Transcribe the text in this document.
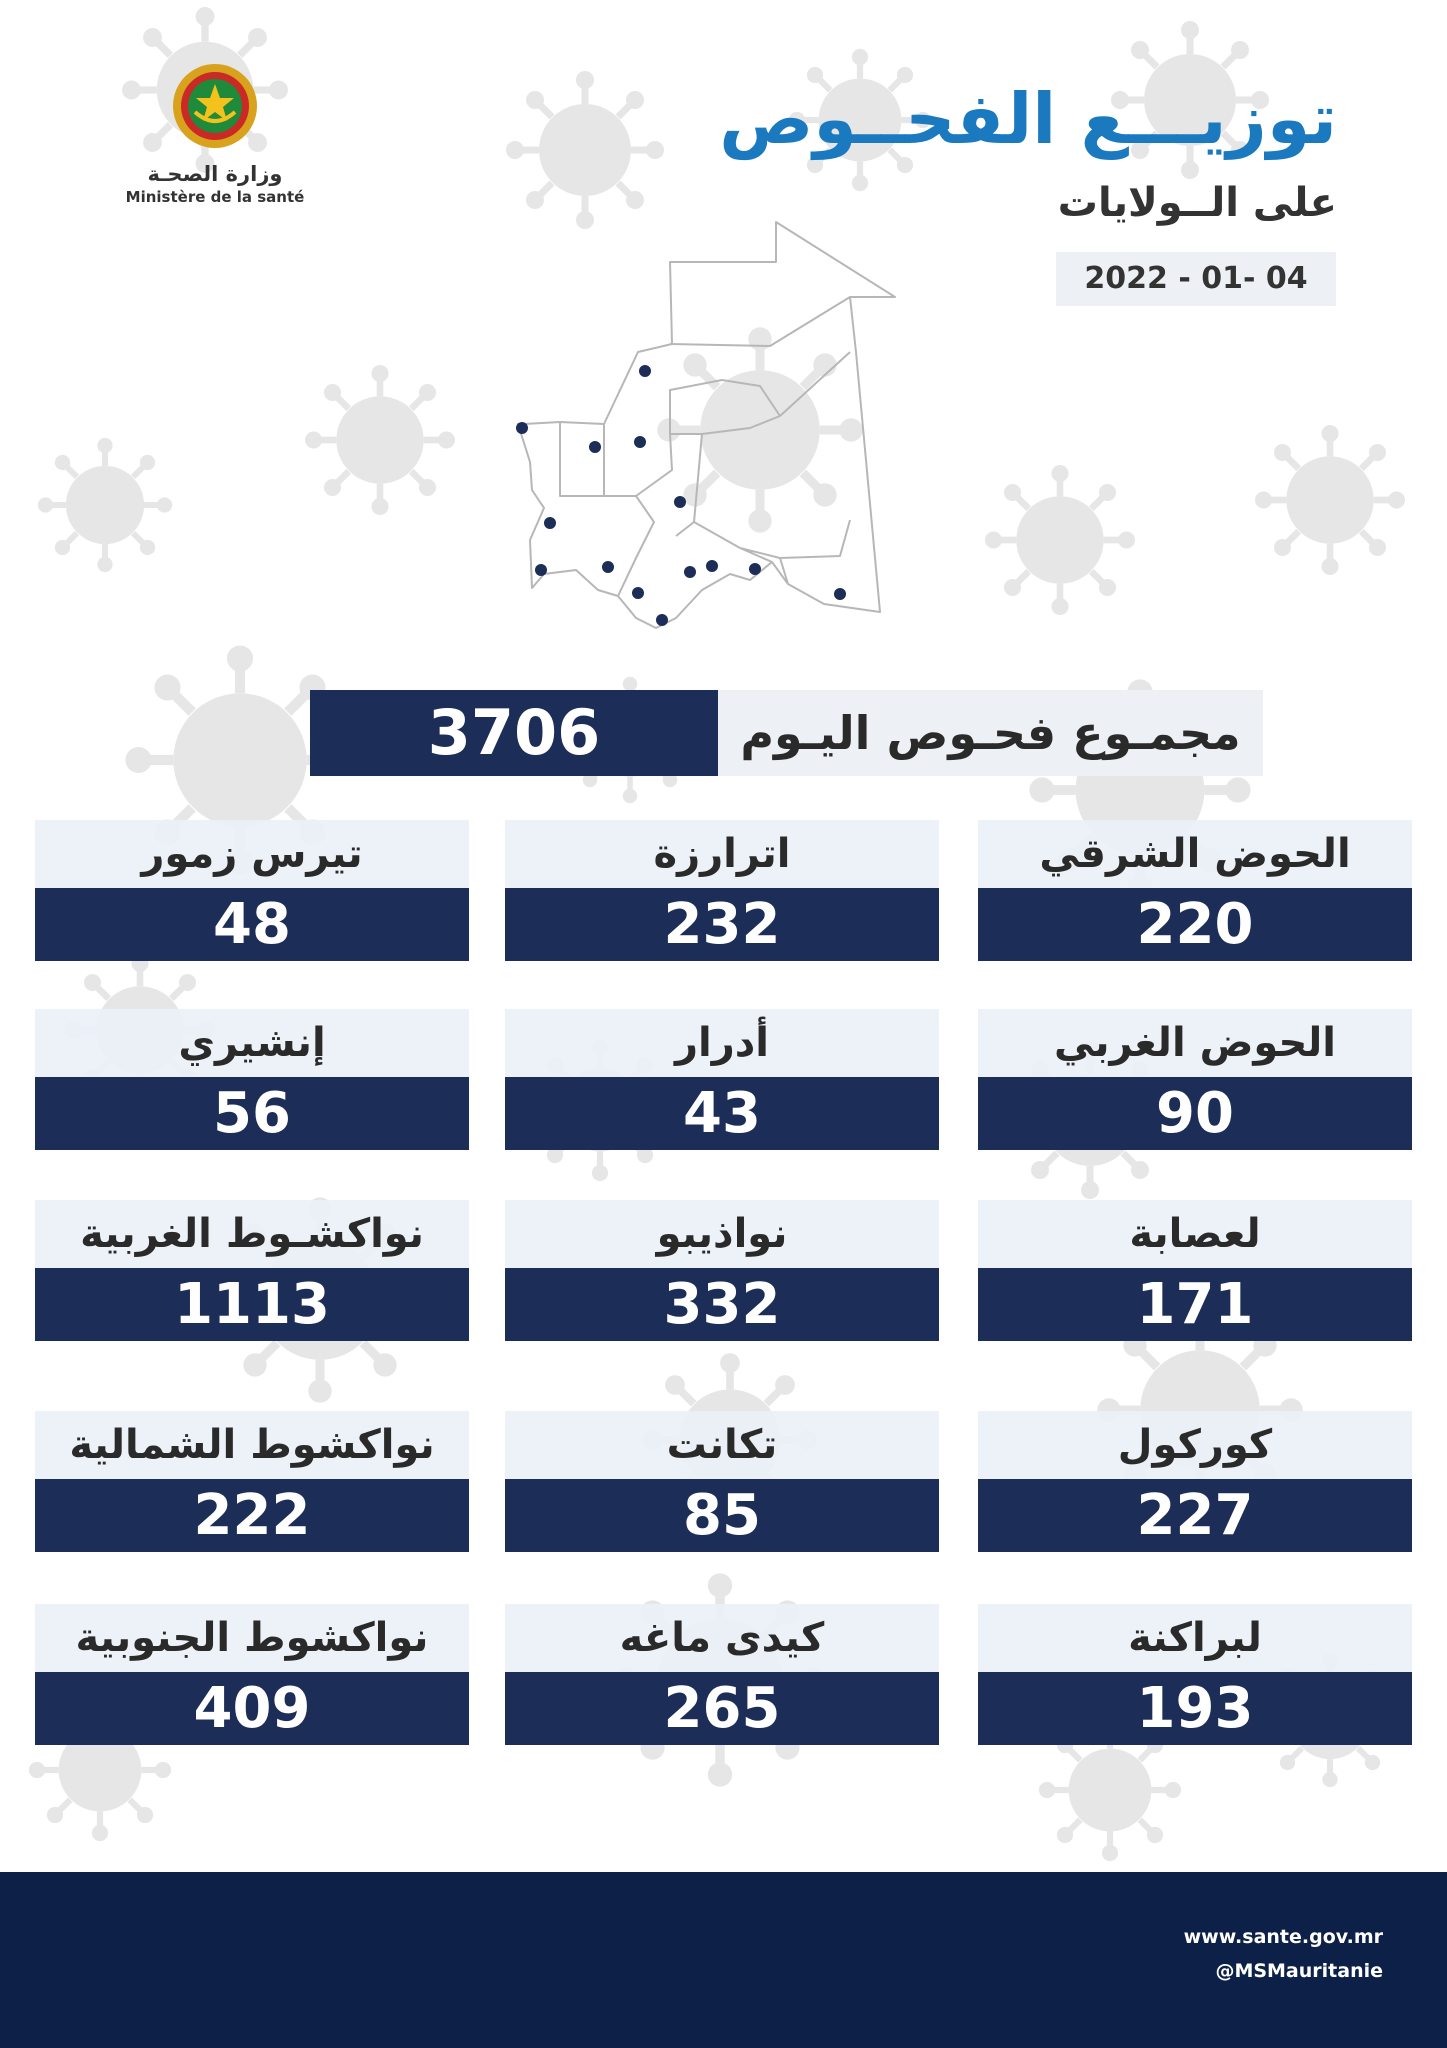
وزارة الصحـة
Ministère de la santé
توزيـــع الفحــوص
على الــولايات
2022 - 01- 04
3706	مجمـوع فحـوص اليـوم
الحوض الشرقي
220
اترارزة
232
تيرس زمور
48
الحوض الغربي
90
أدرار
43
إنشيري
56
لعصابة
171
نواذيبو
332
نواكشـوط الغربية
1113
كوركول
227
تكانت
85
نواكشوط الشمالية
222
لبراكنة
193
كيدى ماغه
265
نواكشوط الجنوبية
409
www.sante.gov.mr
@MSMauritanie
